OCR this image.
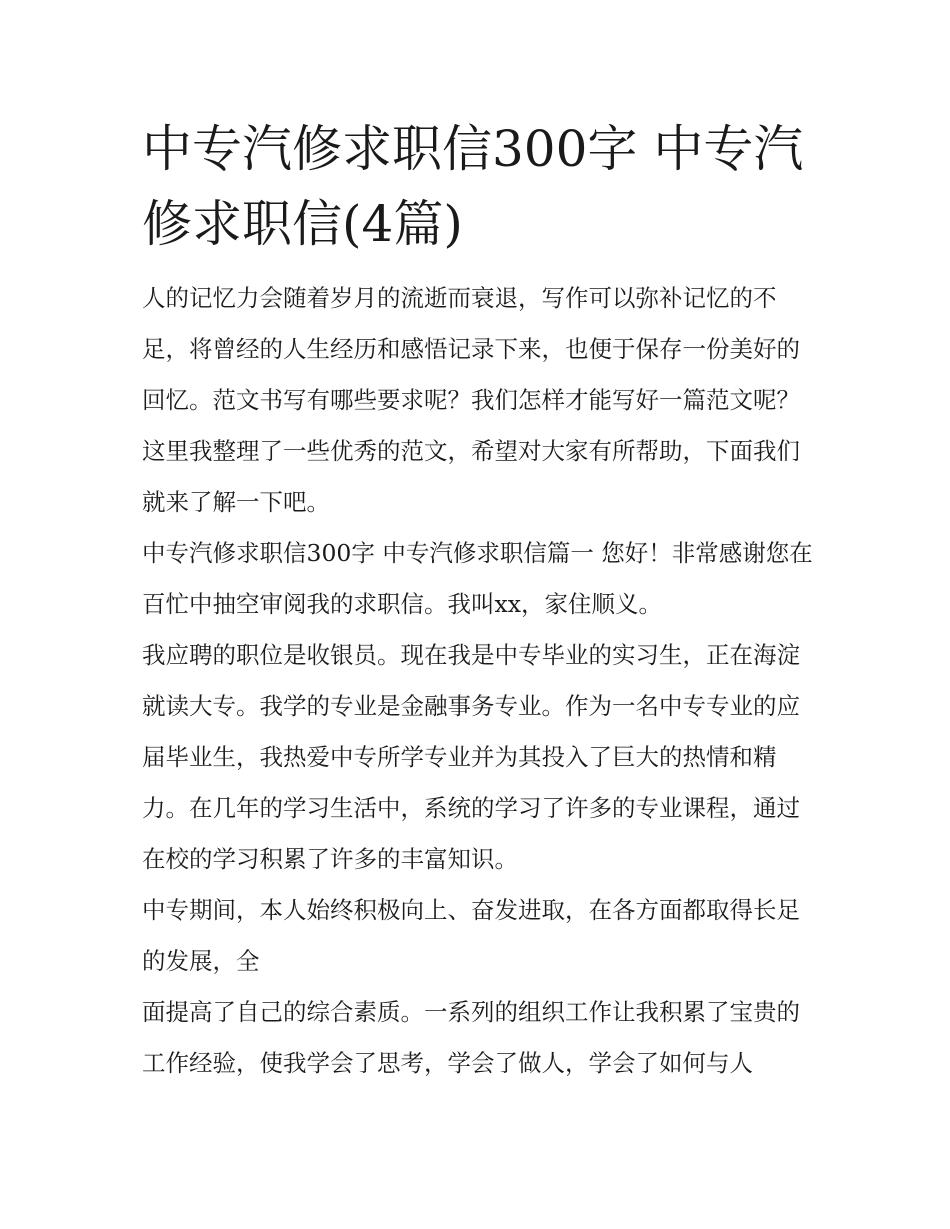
中专汽修求职信300字 中专汽修求职信(4篇)

人的记忆力会随着岁月的流逝而衰退，写作可以弥补记忆的不足，将曾经的人生经历和感悟记录下来，也便于保存一份美好的回忆。范文书写有哪些要求呢？我们怎样才能写好一篇范文呢？这里我整理了一些优秀的范文，希望对大家有所帮助，下面我们就来了解一下吧。

中专汽修求职信300字 中专汽修求职信篇一 您好！非常感谢您在百忙中抽空审阅我的求职信。我叫xx，家住顺义。

我应聘的职位是收银员。现在我是中专毕业的实习生，正在海淀就读大专。我学的专业是金融事务专业。作为一名中专专业的应届毕业生，我热爱中专所学专业并为其投入了巨大的热情和精力。在几年的学习生活中，系统的学习了许多的专业课程，通过在校的学习积累了许多的丰富知识。

中专期间，本人始终积极向上、奋发进取，在各方面都取得长足的发展，全

面提高了自己的综合素质。一系列的组织工作让我积累了宝贵的工作经验，使我学会了思考，学会了做人，学会了如何与人
